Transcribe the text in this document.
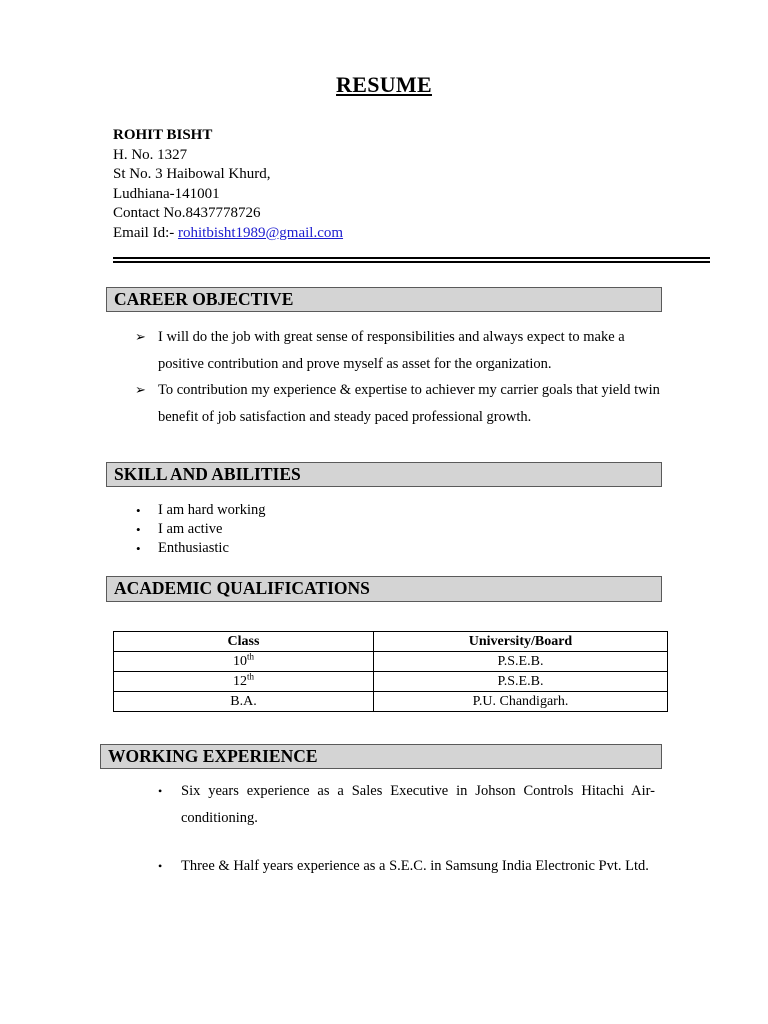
RESUME
ROHIT BISHT
H. No. 1327
St No. 3 Haibowal Khurd,
Ludhiana-141001
Contact No.8437778726
Email Id:- rohitbisht1989@gmail.com
CAREER OBJECTIVE
➢ I will do the job with great sense of responsibilities and always expect to make a positive contribution and prove myself as asset for the organization.
➢ To contribution my experience & expertise to achiever my carrier goals that yield twin benefit of job satisfaction and steady paced professional growth.
SKILL AND ABILITIES
• I am hard working
• I am active
• Enthusiastic
ACADEMIC QUALIFICATIONS
Class	University/Board
10th	P.S.E.B.
12th	P.S.E.B.
B.A.	P.U. Chandigarh.
WORKING EXPERIENCE
• Six years experience as a Sales Executive in Johson Controls Hitachi Air-conditioning.
• Three & Half years experience as a S.E.C. in Samsung India Electronic Pvt. Ltd.
